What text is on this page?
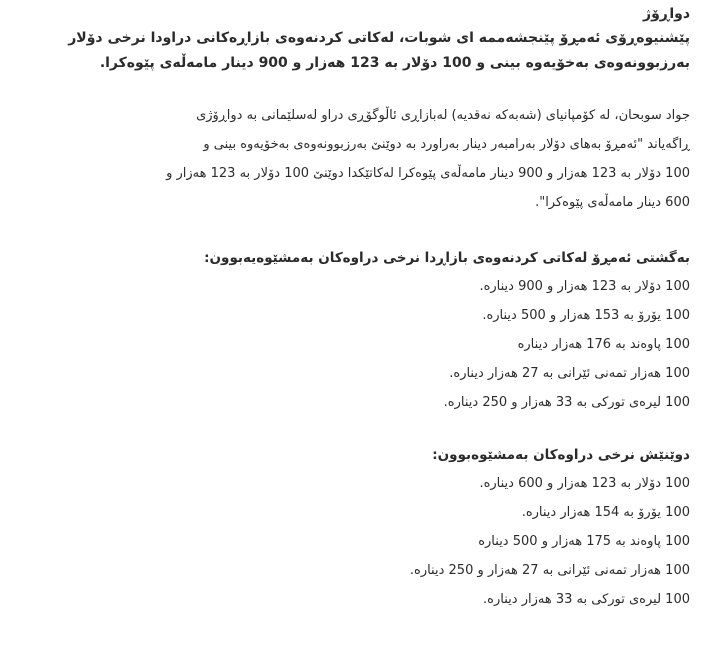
دواڕۆژ

پێشنیوەڕۆی ئەمڕۆ پێنجشەممە ای شوبات، لەکاتی کردنەوەی بازاڕەکانی دراودا نرخی دۆلار
بەرزبوونەوەی بەخۆیەوە بینی و 100 دۆلار بە 123 هەزار و 900 دینار مامەڵەی پێوەکرا.

جواد سوبحان، لە کۆمپانیای (شەبەکە نەقدیە) لەبازاڕی ئاڵوگۆڕی دراو لەسلێمانی بە دواڕۆژی
ڕاگەیاند "ئەمڕۆ بەهای دۆلار بەرامبەر دینار بەراورد بە دوێنێ بەرزبوونەوەی بەخۆیەوە بینی و
100 دۆلار بە 123 هەزار و 900 دینار مامەڵەی پێوەکرا لەکاتێکدا دوێنێ 100 دۆلار بە 123 هەزار و
600 دینار مامەڵەی پێوەکرا".

بەگشتی ئەمڕۆ لەکاتی کردنەوەی بازاڕدا نرخی دراوەکان بەمشێوەیەبوون:
100 دۆلار بە 123 هەزار و 900 دینارە.
100 یۆرۆ بە 153 هەزار و 500 دینارە.
100 پاوەند بە 176 هەزار دینارە
100 هەزار تمەنی ئێرانی بە 27 هەزار دینارە.
100 لیرەی تورکی بە 33 هەزار و 250 دینارە.
دوێنێش نرخی دراوەکان بەمشێوەبوون:
100 دۆلار بە 123 هەزار و 600 دینارە.
100 یۆرۆ بە 154 هەزار دینارە.
100 پاوەند بە 175 هەزار و 500 دینارە
100 هەزار تمەنی ئێرانی بە 27 هەزار و 250 دینارە.
100 لیرەی تورکی بە 33 هەزار دینارە.
